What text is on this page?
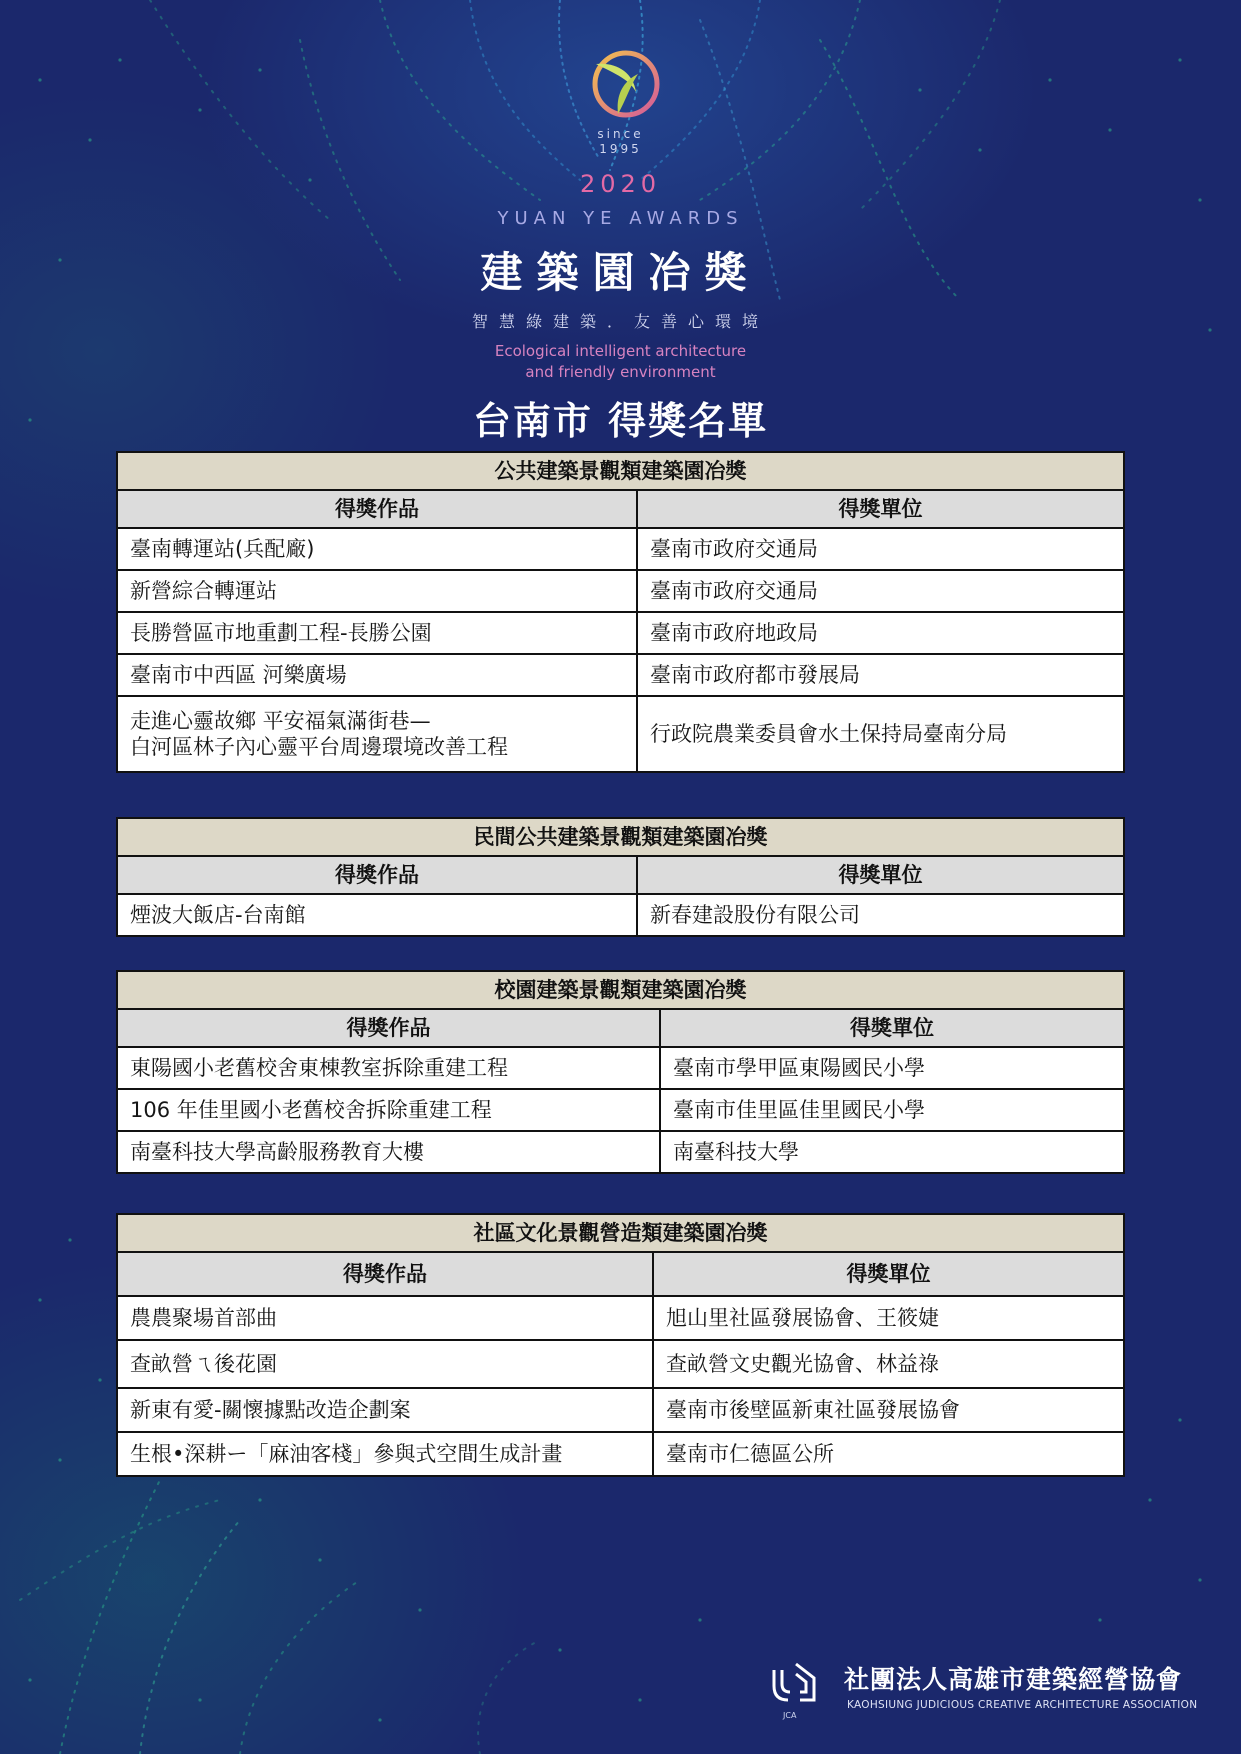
since
1995
2020
YUAN YE AWARDS
建築園冶獎
智慧綠建築．友善心環境
Ecological intelligent architecture
and friendly environment
台南市 得獎名單
公共建築景觀類建築園冶獎	
得獎作品	得獎單位
臺南轉運站(兵配廠)	臺南市政府交通局
新營綜合轉運站	臺南市政府交通局
長勝營區市地重劃工程-長勝公園	臺南市政府地政局
臺南市中西區 河樂廣場	臺南市政府都市發展局

走進心靈故鄉 平安福氣滿街巷—
白河區林子內心靈平台周邊環境改善工程	行政院農業委員會水土保持局臺南分局
民間公共建築景觀類建築園冶獎	
得獎作品	得獎單位
煙波大飯店-台南館	新春建設股份有限公司
校園建築景觀類建築園冶獎	
得獎作品	得獎單位
東陽國小老舊校舍東棟教室拆除重建工程	臺南市學甲區東陽國民小學
106 年佳里國小老舊校舍拆除重建工程	臺南市佳里區佳里國民小學
南臺科技大學高齡服務教育大樓	南臺科技大學
社區文化景觀營造類建築園冶獎	
得獎作品	得獎單位
農農聚場首部曲	旭山里社區發展協會、王筱婕
查畝營ㄟ後花園	查畝營文史觀光協會、林益祿
新東有愛-關懷據點改造企劃案	臺南市後壁區新東社區發展協會
生根•深耕ー「麻油客棧」參與式空間生成計畫	臺南市仁德區公所
JCA
社團法人高雄市建築經營協會
KAOHSIUNG JUDICIOUS CREATIVE ARCHITECTURE ASSOCIATION
